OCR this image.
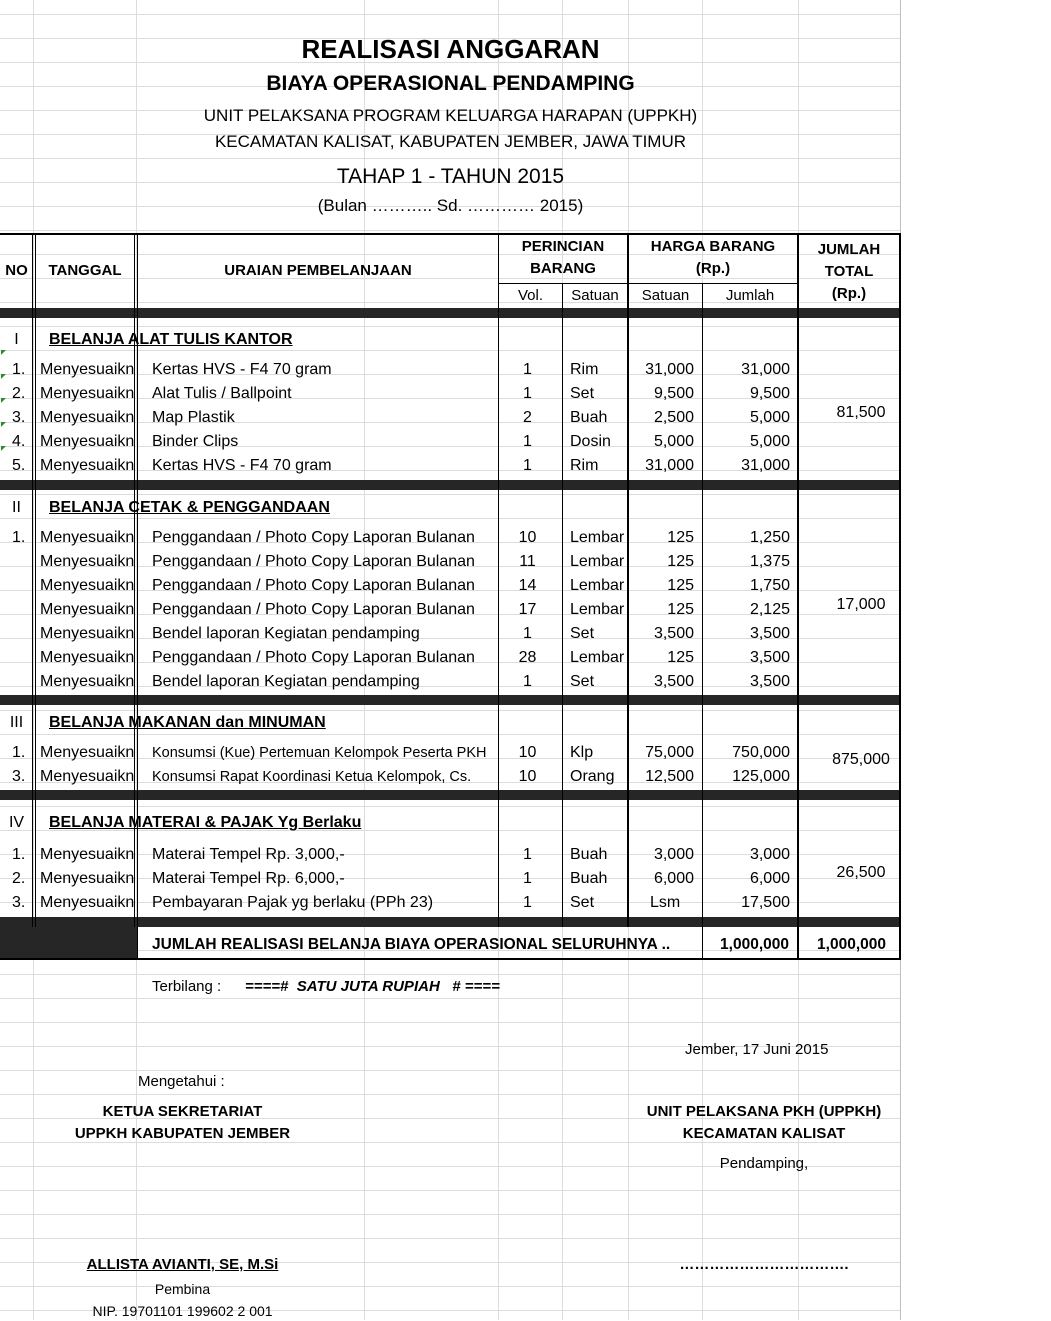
REALISASI ANGGARAN
BIAYA OPERASIONAL PENDAMPING
UNIT PELAKSANA PROGRAM KELUARGA HARAPAN (UPPKH)
KECAMATAN KALISAT, KABUPATEN JEMBER, JAWA TIMUR
TAHAP 1 - TAHUN 2015
(Bulan ……….. Sd. ………… 2015)
NO	TANGGAL	URAIAN PEMBELANJAAN
PERINCIAN
BARANG
Vol.	Satuan
HARGA BARANG
(Rp.)
Satuan	Jumlah
JUMLAH
TOTAL
(Rp.)
I	BELANJA ALAT TULIS KANTOR
81,500
1. Menyesuaikn Kertas HVS - F4 70 gram	1	Rim	31,000	31,000
2. Menyesuaikn Alat Tulis / Ballpoint	1	Set	9,500	9,500
3. Menyesuaikn Map Plastik	2	Buah	2,500	5,000
4. Menyesuaikn Binder Clips	1	Dosin	5,000	5,000
5. Menyesuaikn Kertas HVS - F4 70 gram	1	Rim	31,000	31,000
II	BELANJA CETAK & PENGGANDAAN
17,000
1. Menyesuaikn Penggandaan / Photo Copy Laporan Bulanan	10	Lembar	125	1,250
Menyesuaikn Penggandaan / Photo Copy Laporan Bulanan	11	Lembar	125	1,375
Menyesuaikn Penggandaan / Photo Copy Laporan Bulanan	14	Lembar	125	1,750
Menyesuaikn Penggandaan / Photo Copy Laporan Bulanan	17	Lembar	125	2,125
Menyesuaikn Bendel laporan Kegiatan pendamping	1	Set	3,500	3,500
Menyesuaikn Penggandaan / Photo Copy Laporan Bulanan	28	Lembar	125	3,500
Menyesuaikn Bendel laporan Kegiatan pendamping	1	Set	3,500	3,500
III	BELANJA MAKANAN dan MINUMAN
875,000
1. Menyesuaikn Konsumsi (Kue) Pertemuan Kelompok Peserta PKH	10	Klp	75,000	750,000
3. Menyesuaikn Konsumsi Rapat Koordinasi Ketua Kelompok, Cs.	10	Orang	12,500	125,000
IV	BELANJA MATERAI & PAJAK Yg Berlaku
26,500
1. Menyesuaikn Materai Tempel Rp. 3,000,-	1	Buah	3,000	3,000
2. Menyesuaikn Materai Tempel Rp. 6,000,-	1	Buah	6,000	6,000
3. Menyesuaikn Pembayaran Pajak yg berlaku (PPh 23)	1	Set	Lsm	17,500
JUMLAH REALISASI BELANJA BIAYA OPERASIONAL SELURUHNYA ..	1,000,000	1,000,000
Terbilang : ====#  SATU JUTA RUPIAH   # ====
Jember, 17 Juni 2015
Mengetahui :
KETUA SEKRETARIAT
UPPKH KABUPATEN JEMBER
UNIT PELAKSANA PKH (UPPKH)
KECAMATAN KALISAT
Pendamping,
ALLISTA AVIANTI, SE, M.Si
Pembina
NIP. 19701101 199602 2 001
…………………………….
